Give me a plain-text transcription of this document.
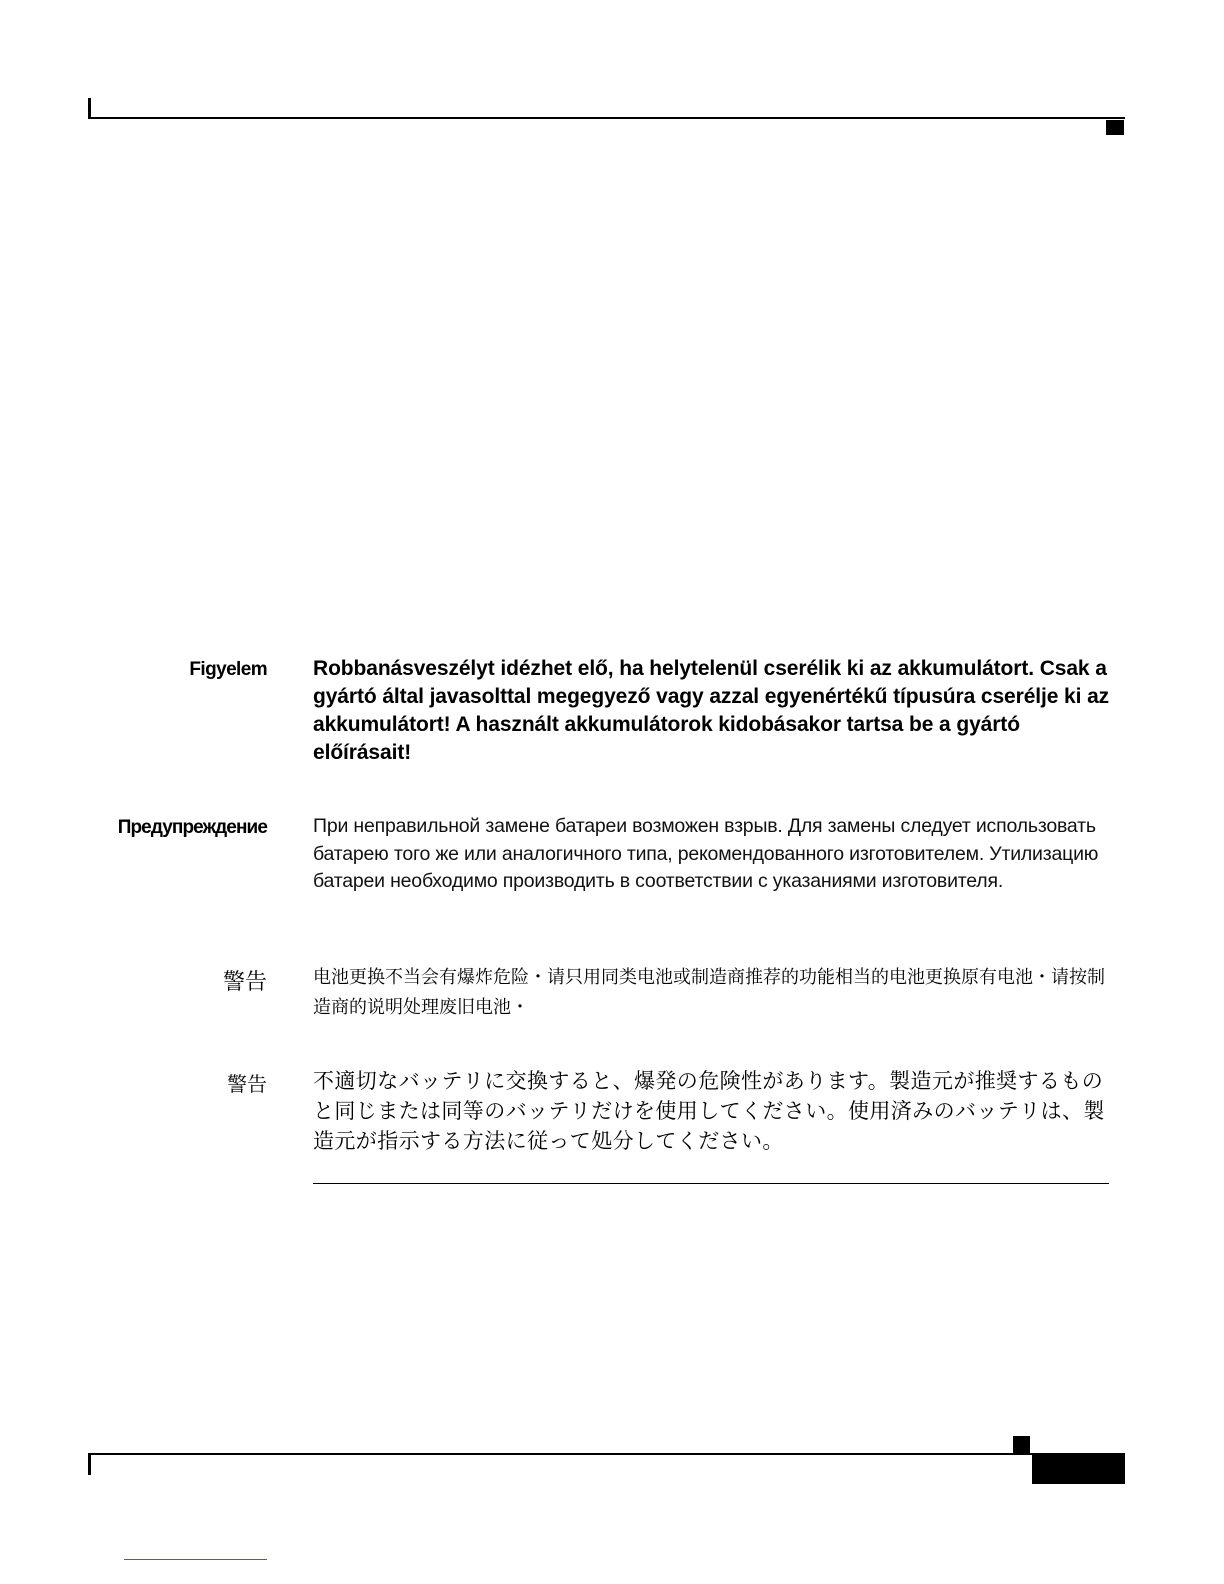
Figyelem Robbanásveszélyt idézhet elő, ha helytelenül cserélik ki az akkumulátort. Csak a gyártó által javasolttal megegyező vagy azzal egyenértékű típusúra cserélje ki az akkumulátort! A használt akkumulátorok kidobásakor tartsa be a gyártó előírásait!
Предупреждение При неправильной замене батареи возможен взрыв. Для замены следует использовать батарею того же или аналогичного типа, рекомендованного изготовителем. Утилизацию батареи необходимо производить в соответствии с указаниями изготовителя.
警告	电池更换不当会有爆炸危险・请只用同类电池或制造商推荐的功能相当的电池更换原有电池・请按制造商的说明处理废旧电池・
警告 不適切なバッテリに交換すると、爆発の危険性があります。製造元が推奨するものと同じまたは同等のバッテリだけを使用してください。使用済みのバッテリは、製造元が指示する方法に従って処分してください。
